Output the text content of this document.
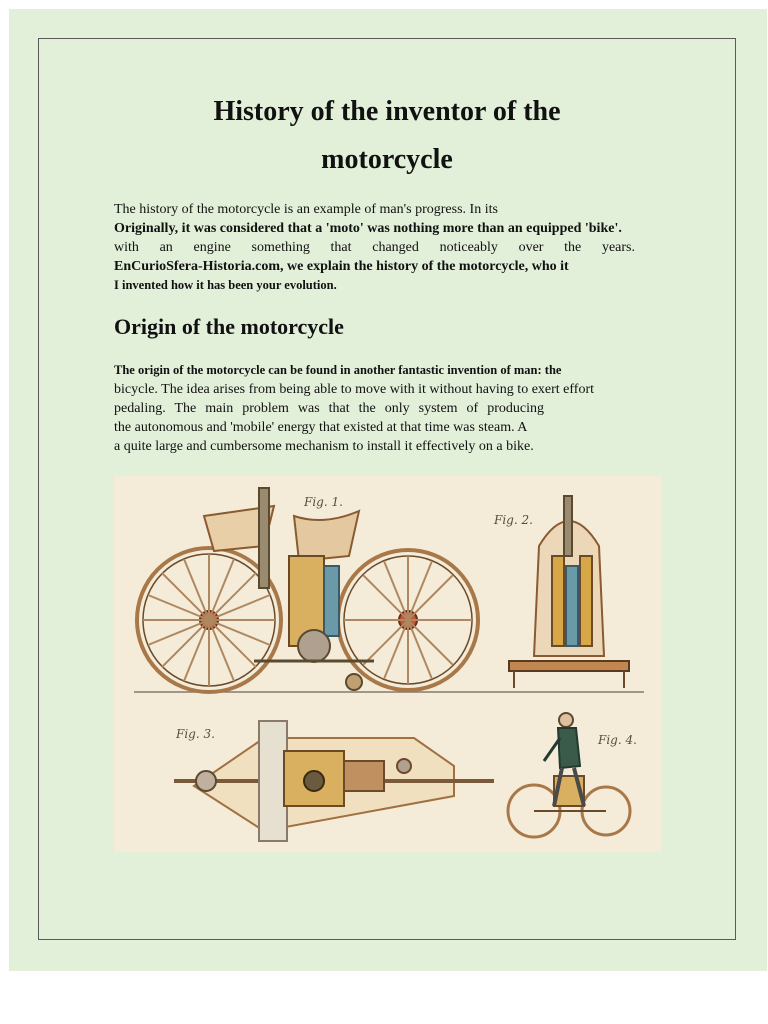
History of the inventor of the
motorcycle
The history of the motorcycle is an example of man's progress. In its
Originally, it was considered that a 'moto' was nothing more than an equipped 'bike'.
with an engine something that changed noticeably over the years.
EnCurioSfera-Historia.com, we explain the history of the motorcycle, who it
I invented how it has been your evolution.
Origin of the motorcycle
The origin of the motorcycle can be found in another fantastic invention of man: the
bicycle. The idea arises from being able to move with it without having to exert effort
pedaling. The main problem was that the only system of producing
the autonomous and 'mobile' energy that existed at that time was steam. A
a quite large and cumbersome mechanism to install it effectively on a bike.
Fig. 1.
Fig. 2.
Fig. 3.	Fig. 4.
